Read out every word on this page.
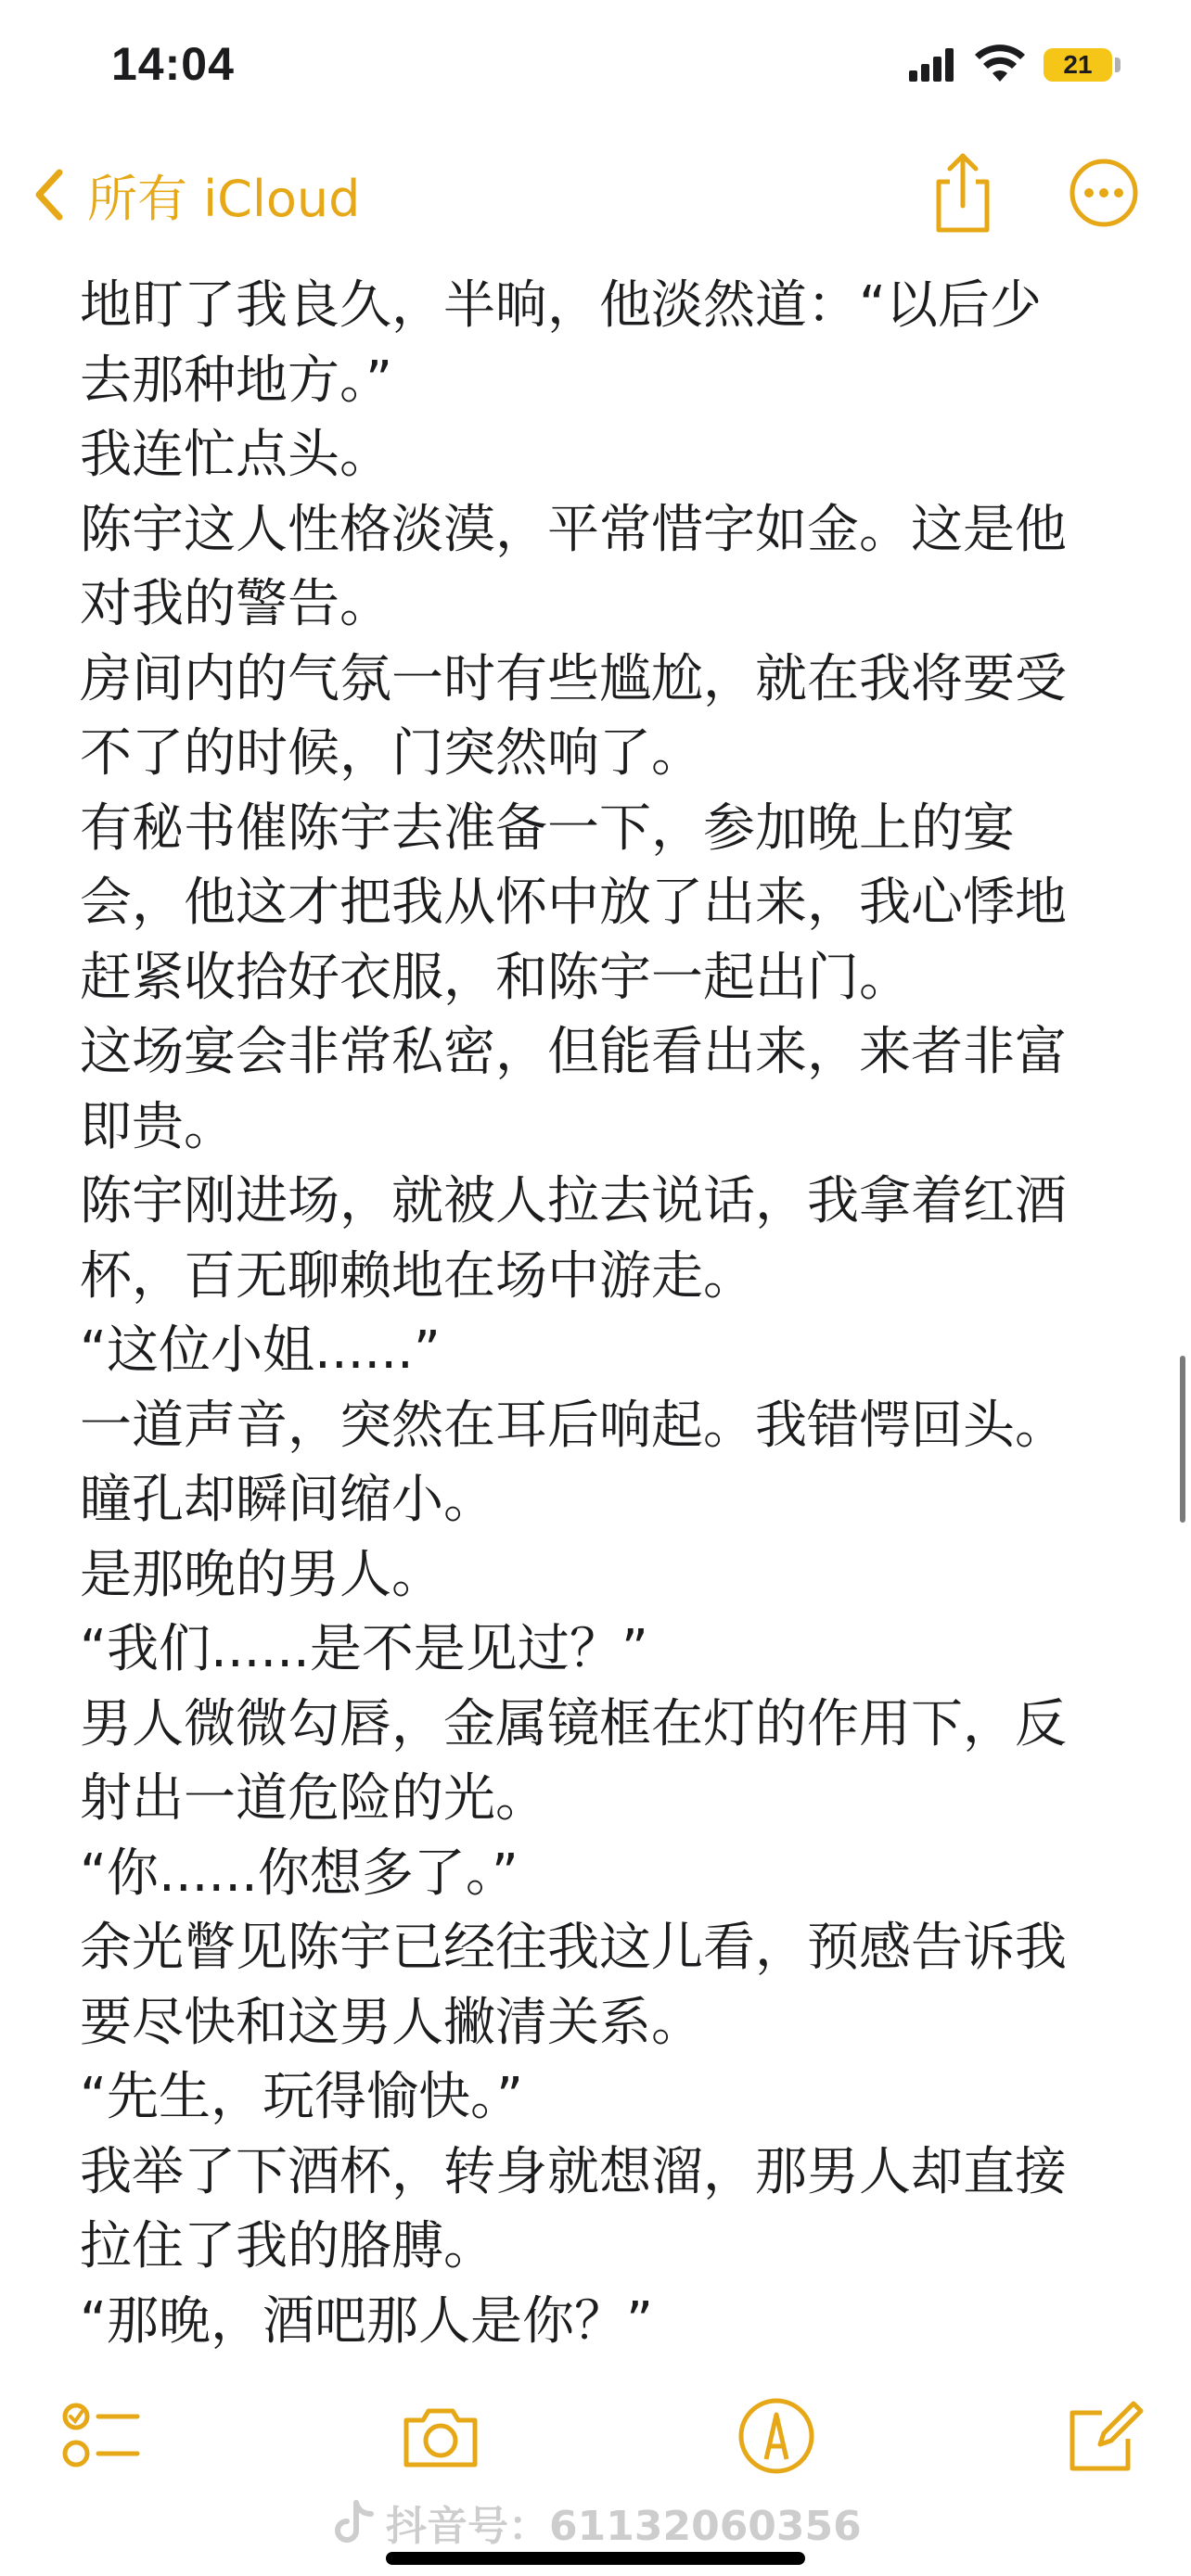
14:04	21
所有 iCloud
地盯了我良久，半晌，他淡然道：“以后少
去那种地方。”
我连忙点头。
陈宇这人性格淡漠，平常惜字如金。这是他
对我的警告。
房间内的气氛一时有些尴尬，就在我将要受
不了的时候，门突然响了。
有秘书催陈宇去准备一下，参加晚上的宴
会，他这才把我从怀中放了出来，我心悸地
赶紧收拾好衣服，和陈宇一起出门。
这场宴会非常私密，但能看出来，来者非富
即贵。
陈宇刚进场，就被人拉去说话，我拿着红酒
杯，百无聊赖地在场中游走。
“这位小姐......”
一道声音，突然在耳后响起。我错愕回头。
瞳孔却瞬间缩小。
是那晚的男人。
“我们......是不是见过？”
男人微微勾唇，金属镜框在灯的作用下，反
射出一道危险的光。
“你......你想多了。”
余光瞥见陈宇已经往我这儿看，预感告诉我
要尽快和这男人撇清关系。
“先生，玩得愉快。”
我举了下酒杯，转身就想溜，那男人却直接
拉住了我的胳膊。
“那晚，酒吧那人是你？”
抖音号：61132060356
